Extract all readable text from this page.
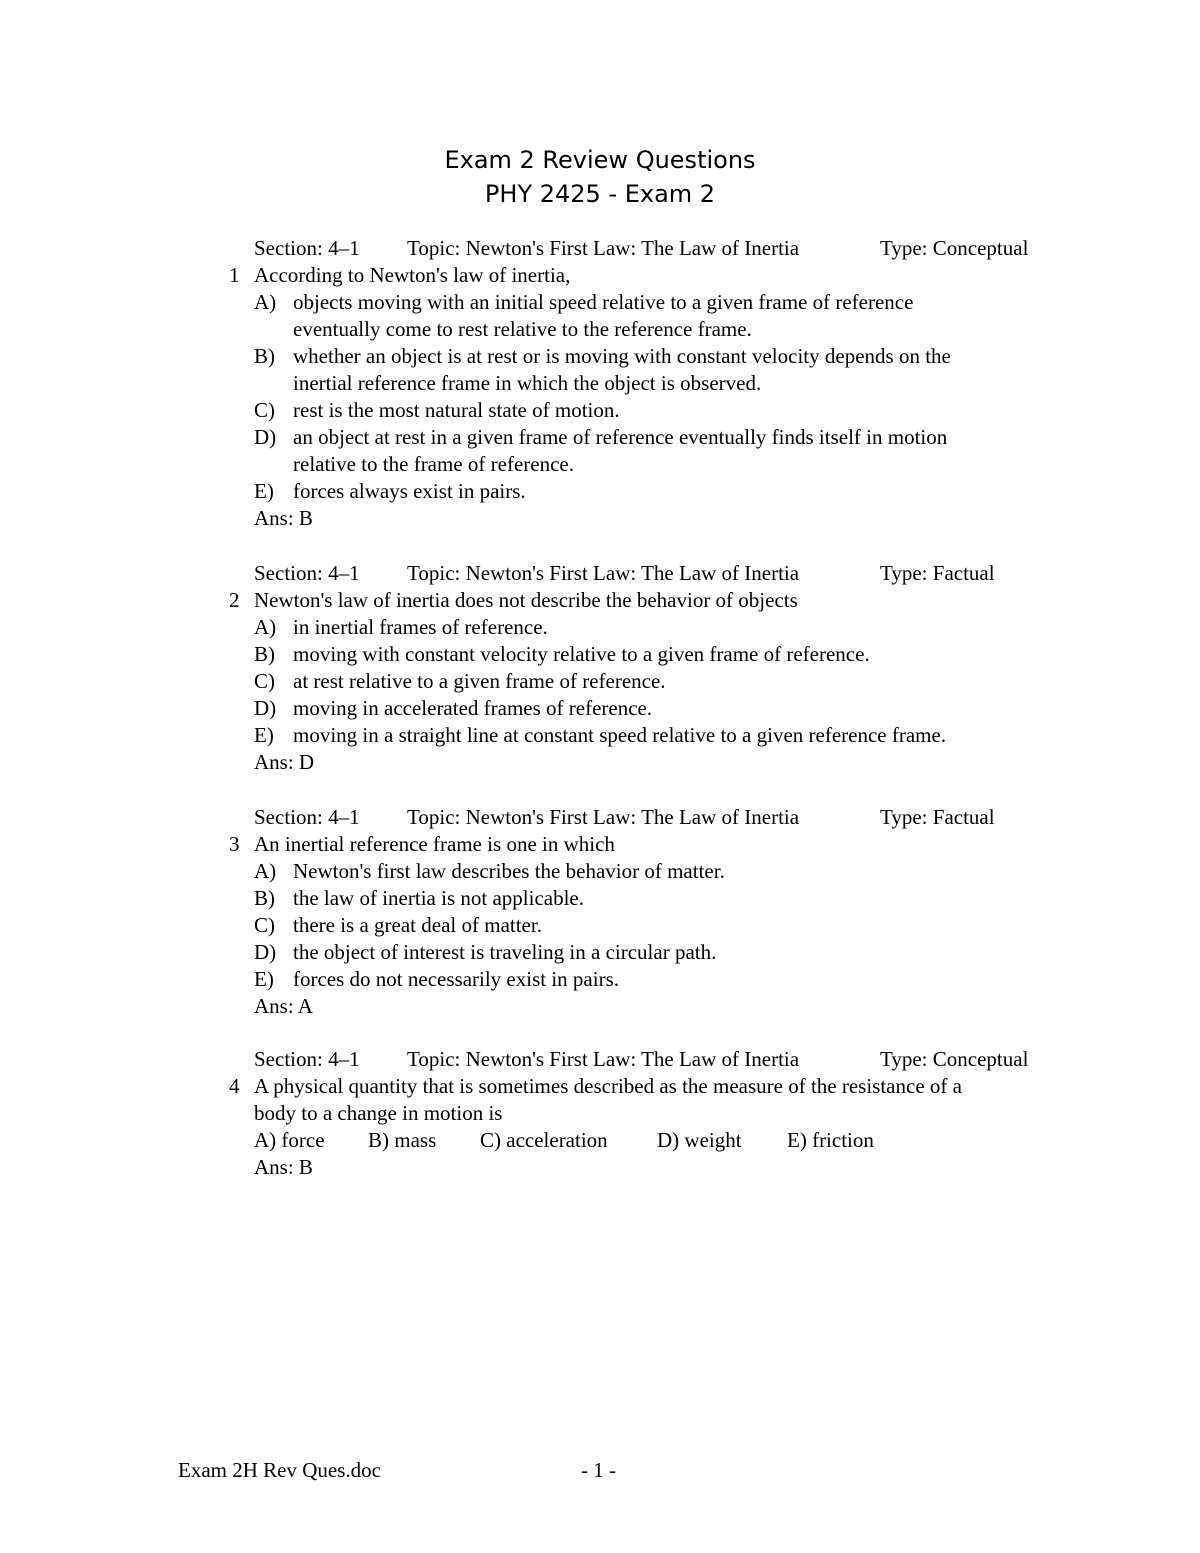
Exam 2 Review Questions
PHY 2425 - Exam 2
Section: 4–1 Topic: Newton's First Law: The Law of Inertia	Type: Conceptual
1 According to Newton's law of inertia,
A) objects moving with an initial speed relative to a given frame of reference
eventually come to rest relative to the reference frame.
B) whether an object is at rest or is moving with constant velocity depends on the
inertial reference frame in which the object is observed.
C) rest is the most natural state of motion.
D) an object at rest in a given frame of reference eventually finds itself in motion
relative to the frame of reference.
E) forces always exist in pairs.
Ans: B
Section: 4–1 Topic: Newton's First Law: The Law of Inertia	Type: Factual
2 Newton's law of inertia does not describe the behavior of objects
A) in inertial frames of reference.
B) moving with constant velocity relative to a given frame of reference.
C) at rest relative to a given frame of reference.
D) moving in accelerated frames of reference.
E) moving in a straight line at constant speed relative to a given reference frame.
Ans: D
Section: 4–1 Topic: Newton's First Law: The Law of Inertia	Type: Factual
3 An inertial reference frame is one in which
A) Newton's first law describes the behavior of matter.
B) the law of inertia is not applicable.
C) there is a great deal of matter.
D) the object of interest is traveling in a circular path.
E) forces do not necessarily exist in pairs.
Ans: A
Section: 4–1 Topic: Newton's First Law: The Law of Inertia	Type: Conceptual
4 A physical quantity that is sometimes described as the measure of the resistance of a
body to a change in motion is
A) force B) mass C) acceleration D) weight E) friction
Ans: B
Exam 2H Rev Ques.doc	- 1 -
